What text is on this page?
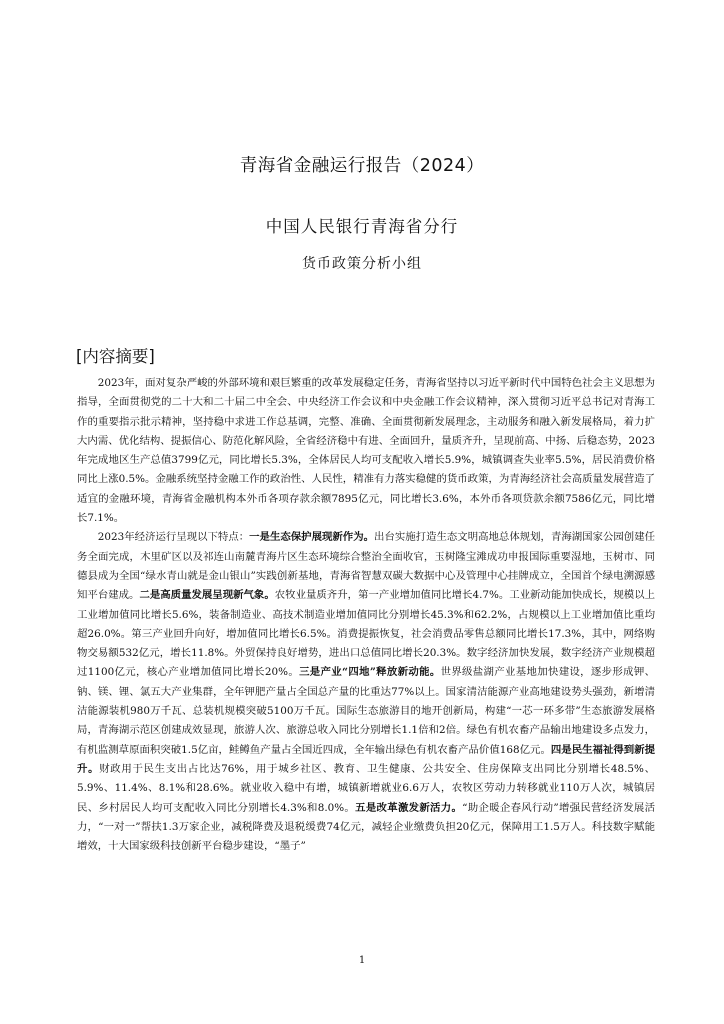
青海省金融运行报告（2024）
中国人民银行青海省分行
货币政策分析小组
[内容摘要]

2023年，面对复杂严峻的外部环境和艰巨繁重的改革发展稳定任务，青海省坚持以习近平新时代中国特色社会主义思想为指导，全面贯彻党的二十大和二十届二中全会、中央经济工作会议和中央金融工作会议精神，深入贯彻习近平总书记对青海工作的重要指示批示精神，坚持稳中求进工作总基调，完整、准确、全面贯彻新发展理念，主动服务和融入新发展格局，着力扩大内需、优化结构、提振信心、防范化解风险，全省经济稳中有进、全面回升，量质齐升，呈现前高、中扬、后稳态势，2023年完成地区生产总值3799亿元，同比增长5.3%，全体居民人均可支配收入增长5.9%，城镇调查失业率5.5%，居民消费价格同比上涨0.5%。金融系统坚持金融工作的政治性、人民性，精准有力落实稳健的货币政策，为青海经济社会高质量发展营造了适宜的金融环境，青海省金融机构本外币各项存款余额7895亿元，同比增长3.6%，本外币各项贷款余额7586亿元，同比增长7.1%。

2023年经济运行呈现以下特点：一是生态保护展现新作为。出台实施打造生态文明高地总体规划，青海湖国家公园创建任务全面完成，木里矿区以及祁连山南麓青海片区生态环境综合整治全面收官，玉树隆宝滩成功申报国际重要湿地，玉树市、同德县成为全国“绿水青山就是金山银山”实践创新基地，青海省智慧双碳大数据中心及管理中心挂牌成立，全国首个绿电溯源感知平台建成。二是高质量发展呈现新气象。农牧业量质齐升，第一产业增加值同比增长4.7%。工业新动能加快成长，规模以上工业增加值同比增长5.6%，装备制造业、高技术制造业增加值同比分别增长45.3%和62.2%，占规模以上工业增加值比重均超26.0%。第三产业回升向好，增加值同比增长6.5%。消费提振恢复，社会消费品零售总额同比增长17.3%，其中，网络购物交易额532亿元，增长11.8%。外贸保持良好增势，进出口总值同比增长20.3%。数字经济加快发展，数字经济产业规模超过1100亿元，核心产业增加值同比增长20%。三是产业“四地”释放新动能。世界级盐湖产业基地加快建设，逐步形成钾、钠、镁、锂、氯五大产业集群，全年钾肥产量占全国总产量的比重达77%以上。国家清洁能源产业高地建设势头强劲，新增清洁能源装机980万千瓦、总装机规模突破5100万千瓦。国际生态旅游目的地开创新局，构建“一芯一环多带”生态旅游发展格局，青海湖示范区创建成效显现，旅游人次、旅游总收入同比分别增长1.1倍和2倍。绿色有机农畜产品输出地建设多点发力，有机监测草原面积突破1.5亿亩，鲑鳟鱼产量占全国近四成，全年输出绿色有机农畜产品价值168亿元。四是民生福祉得到新提升。财政用于民生支出占比达76%，用于城乡社区、教育、卫生健康、公共安全、住房保障支出同比分别增长48.5%、5.9%、11.4%、8.1%和28.6%。就业收入稳中有增，城镇新增就业6.6万人，农牧区劳动力转移就业110万人次，城镇居民、乡村居民人均可支配收入同比分别增长4.3%和8.0%。五是改革激发新活力。“助企暖企春风行动”增强民营经济发展活力，“一对一”帮扶1.3万家企业，减税降费及退税缓费74亿元，减轻企业缴费负担20亿元，保障用工1.5万人。科技数字赋能增效，十大国家级科技创新平台稳步建设，“墨子”

1
